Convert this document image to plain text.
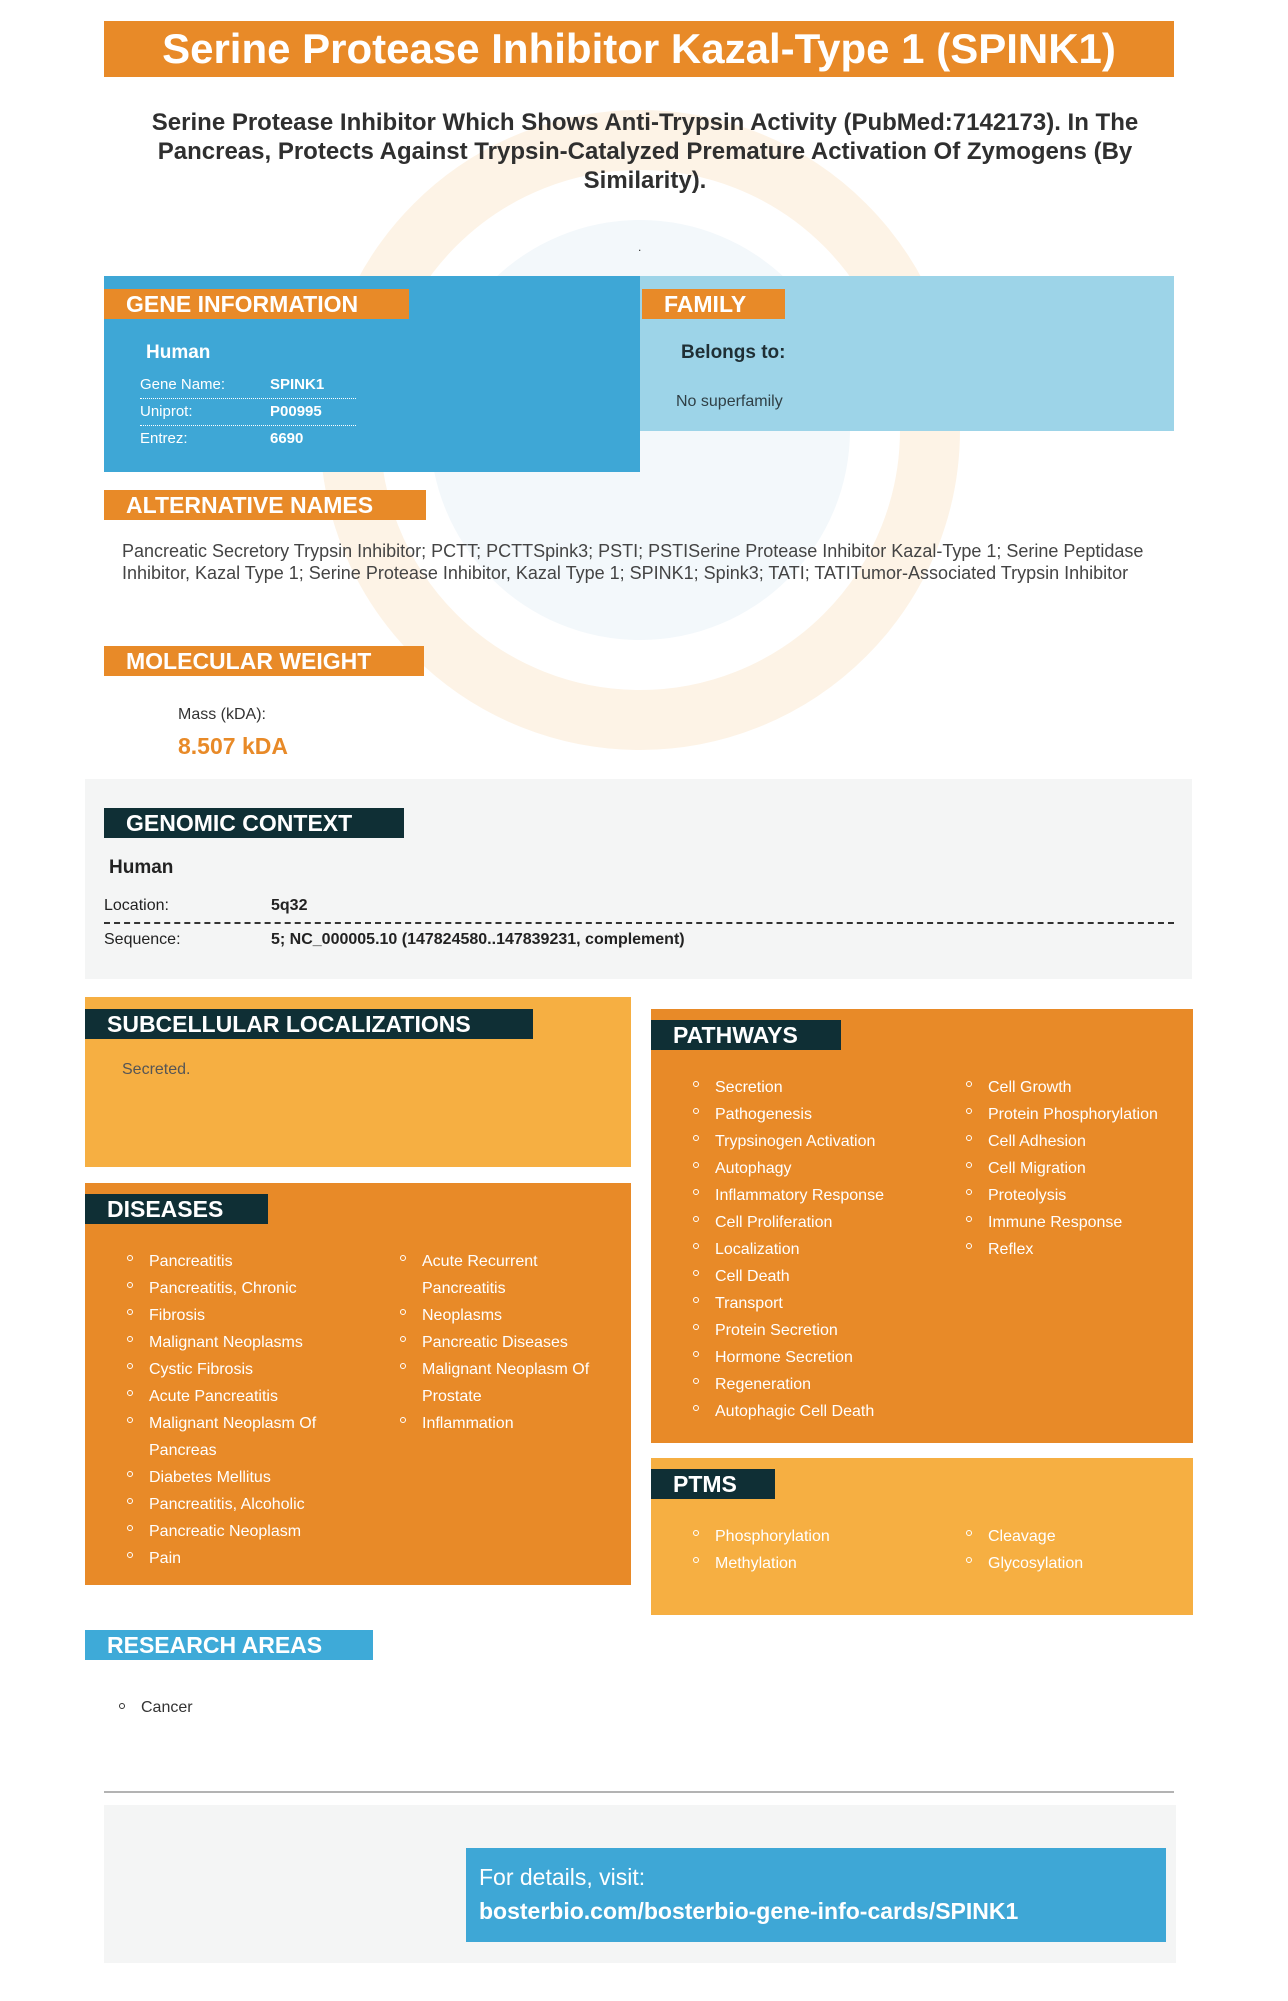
Serine Protease Inhibitor Kazal-Type 1 (SPINK1)
Serine Protease Inhibitor Which Shows Anti-Trypsin Activity (PubMed:7142173). In The Pancreas, Protects Against Trypsin-Catalyzed Premature Activation Of Zymogens (By Similarity).
.
GENE INFORMATION
Human
Gene Name:	SPINK1
Uniprot:	P00995
Entrez:	6690
FAMILY
Belongs to:
No superfamily
ALTERNATIVE NAMES
Pancreatic Secretory Trypsin Inhibitor; PCTT; PCTTSpink3; PSTI; PSTISerine Protease Inhibitor Kazal-Type 1; Serine Peptidase Inhibitor, Kazal Type 1; Serine Protease Inhibitor, Kazal Type 1; SPINK1; Spink3; TATI; TATITumor-Associated Trypsin Inhibitor
MOLECULAR WEIGHT
Mass (kDA):
8.507 kDA
GENOMIC CONTEXT
Human
Location:	5q32
Sequence:	5; NC_000005.10 (147824580..147839231, complement)
SUBCELLULAR LOCALIZATIONS
Secreted.
DISEASES
Pancreatitis
Pancreatitis, Chronic
Fibrosis
Malignant Neoplasms
Cystic Fibrosis
Acute Pancreatitis
Malignant Neoplasm Of Pancreas
Diabetes Mellitus
Pancreatitis, Alcoholic
Pancreatic Neoplasm
Pain
Acute Recurrent Pancreatitis
Neoplasms
Pancreatic Diseases
Malignant Neoplasm Of Prostate
Inflammation
PATHWAYS
Secretion
Pathogenesis
Trypsinogen Activation
Autophagy
Inflammatory Response
Cell Proliferation
Localization
Cell Death
Transport
Protein Secretion
Hormone Secretion
Regeneration
Autophagic Cell Death
Cell Growth
Protein Phosphorylation
Cell Adhesion
Cell Migration
Proteolysis
Immune Response
Reflex
PTMS
Phosphorylation
Methylation
Cleavage
Glycosylation
RESEARCH AREAS
Cancer
For details, visit:
bosterbio.com/bosterbio-gene-info-cards/SPINK1
